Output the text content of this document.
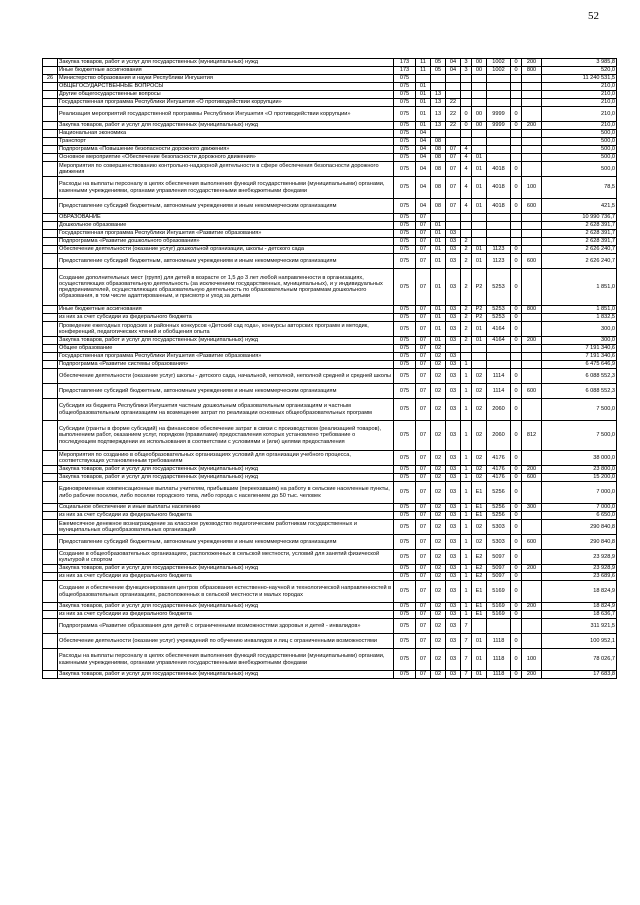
52
	Закупка товаров, работ и услуг для государственных (муниципальных) нужд	173	11	05	04	3	00	1002	0	200	3 985,8
	Иные бюджетные ассигнования	173	11	05	04	3	00	1002	0	800	520,0
26	Министерство образования и науки Республики Ингушетия	075									11 240 531,5
	ОБЩЕГОСУДАРСТВЕННЫЕ ВОПРОСЫ	075	01								210,0
	Другие общегосударственные вопросы	075	01	13							210,0
	Государственная программа Республики Ингушетия «О противодействии коррупции»	075	01	13	22						210,0
	Реализация мероприятий государственной программы Республики Ингушетия «О противодействии коррупции»	075	01	13	22	0	00	9999	0		210,0
	Закупка товаров, работ и услуг для государственных (муниципальных) нужд	075	01	13	22	0	00	9999	0	200	210,0
	Национальная экономика	075	04								500,0
	Транспорт	075	04	08							500,0
	Подпрограмма «Повышение безопасности дорожного движения»	075	04	08	07	4					500,0
	Основное мероприятие «Обеспечение безопасности дорожного движения»	075	04	08	07	4	01				500,0
	Мероприятия по совершенствованию контрольно-надзорной деятельности в сфере обеспечения безопасности дорожного движения	075	04	08	07	4	01	4018	0		500,0
	Расходы на выплаты персоналу в целях обеспечения выполнения функций государственными (муниципальными) органами, казенными учреждениями, органами управления государственными внебюджетными фондами	075	04	08	07	4	01	4018	0	100	78,5
	Предоставление субсидий бюджетным, автономным учреждениям и иным некоммерческим организациям	075	04	08	07	4	01	4018	0	600	421,5
	ОБРАЗОВАНИЕ	075	07								10 990 736,7
	Дошкольное образование	075	07	01							2 628 391,7
	Государственная программа Республики Ингушетия «Развитие образования»	075	07	01	03						2 628 391,7
	Подпрограмма «Развитие дошкольного образования»	075	07	01	03	2					2 628 391,7
	Обеспечение деятельности (оказание услуг) дошкольной организации, школы - детского сада	075	07	01	03	2	01	1123	0		2 626 240,7
	Предоставление субсидий бюджетным, автономным учреждениям и иным некоммерческим организациям	075	07	01	03	2	01	1123	0	600	2 626 240,7
	Создание дополнительных мест (групп) для детей в возрасте от 1,5 до 3 лет любой направленности в организациях, осуществляющих образовательную деятельность (за исключением государственных, муниципальных), и у индивидуальных предпринимателей, осуществляющих образовательную деятельность по образовательным программам дошкольного образования, в том числе адаптированным, и присмотр и уход за детьми	075	07	01	03	2	P2	5253	0		1 851,0
	Иные бюджетные ассигнования	075	07	01	03	2	P2	5253	0	800	1 851,0
	из них за счет субсидии из федерального бюджета	075	07	01	03	2	P2	5253	0		1 832,5
	Проведение ежегодных городских и районных конкурсов «Детский сад года», конкурсы авторских программ и методик, конференций, педагогических чтений и обобщения опыта	075	07	01	03	2	01	4164	0		300,0
	Закупка товаров, работ и услуг для государственных (муниципальных) нужд	075	07	01	03	2	01	4164	0	200	300,0
	Общее образование	075	07	02							7 191 340,6
	Государственная программа Республики Ингушетия «Развитие образования»	075	07	02	03						7 191 340,6
	Подпрограмма «Развитие системы образования»	075	07	02	03	1					6 475 646,9
	Обеспечение деятельности (оказание услуг) школы - детского сада, начальной, неполной, неполной средней и средней школы	075	07	02	03	1	02	1114	0		6 088 552,3
	Предоставление субсидий бюджетным, автономным учреждениям и иным некоммерческим организациям	075	07	02	03	1	02	1114	0	600	6 088 552,3
	Субсидия из бюджета Республики Ингушетия частным дошкольным образовательным организациям и частным общеобразовательным организациям на возмещение затрат по реализации основных общеобразовательных программ	075	07	02	03	1	02	2060	0		7 500,0
	Субсидии (гранты в форме субсидий) на финансовое обеспечение затрат в связи с производством (реализацией товаров), выполнением работ, оказанием услуг, порядком (правилами) предоставления которых установлено требование о последующем подтверждении их использования в соответствии с условиями и (или) целями предоставления	075	07	02	03	1	02	2060	0	812	7 500,0
	Мероприятия по созданию в общеобразовательных организациях условий для организации учебного процесса, соответствующих установленным требованиям	075	07	02	03	1	02	4176	0		38 000,0
	Закупка товаров, работ и услуг для государственных (муниципальных) нужд	075	07	02	03	1	02	4176	0	200	23 800,0
	Закупка товаров, работ и услуг для государственных (муниципальных) нужд	075	07	02	03	1	02	4176	0	600	15 200,0
	Единовременные компенсационные выплаты учителям, прибывшим (переехавшим) на работу в сельские населенные пункты, либо рабочие поселки, либо поселки городского типа, либо города с населением до 50 тыс. человек	075	07	02	03	1	E1	5256	0		7 000,0
	Социальное обеспечение и иные выплаты населению	075	07	02	03	1	E1	5256	0	300	7 000,0
	из них за счет субсидии из федерального бюджета	075	07	02	03	1	E1	5256	0		6 650,0
	Ежемесячное денежное вознаграждение за классное руководство педагогическим работникам государственных и муниципальных общеобразовательных организаций	075	07	02	03	1	02	5303	0		290 840,8
	Предоставление субсидий бюджетным, автономным учреждениям и иным некоммерческим организациям	075	07	02	03	1	02	5303	0	600	290 840,8
	Создание в общеобразовательных организациях, расположенных в сельской местности, условий для занятий физической культурой и спортом	075	07	02	03	1	E2	5097	0		23 928,9
	Закупка товаров, работ и услуг для государственных (муниципальных) нужд	075	07	02	03	1	E2	5097	0	200	23 928,9
	из них за счет субсидии из федерального бюджета	075	07	02	03	1	E2	5097	0		23 689,6
	Создание и обеспечение функционирования центров образования естественно-научной и технологической направленностей в общеобразовательных организациях, расположенных в сельской местности и малых городах	075	07	02	03	1	E1	5169	0		18 824,9
	Закупка товаров, работ и услуг для государственных (муниципальных) нужд	075	07	02	03	1	E1	5169	0	200	18 824,9
	из них за счет субсидии из федерального бюджета	075	07	02	03	1	E1	5169	0		18 636,7
	Подпрограмма «Развитие образования для детей с ограниченными возможностями здоровья и детей - инвалидов»	075	07	02	03	7					311 921,5
	Обеспечение деятельности (оказание услуг) учреждений по обучению инвалидов и лиц с ограниченными возможностями	075	07	02	03	7	01	1118	0		100 952,1
	Расходы на выплаты персоналу в целях обеспечения выполнения функций государственными (муниципальными) органами, казенными учреждениями, органами управления государственными внебюджетными фондами	075	07	02	03	7	01	1118	0	100	78 026,7
	Закупка товаров, работ и услуг для государственных (муниципальных) нужд	075	07	02	03	7	01	1118	0	200	17 683,8
